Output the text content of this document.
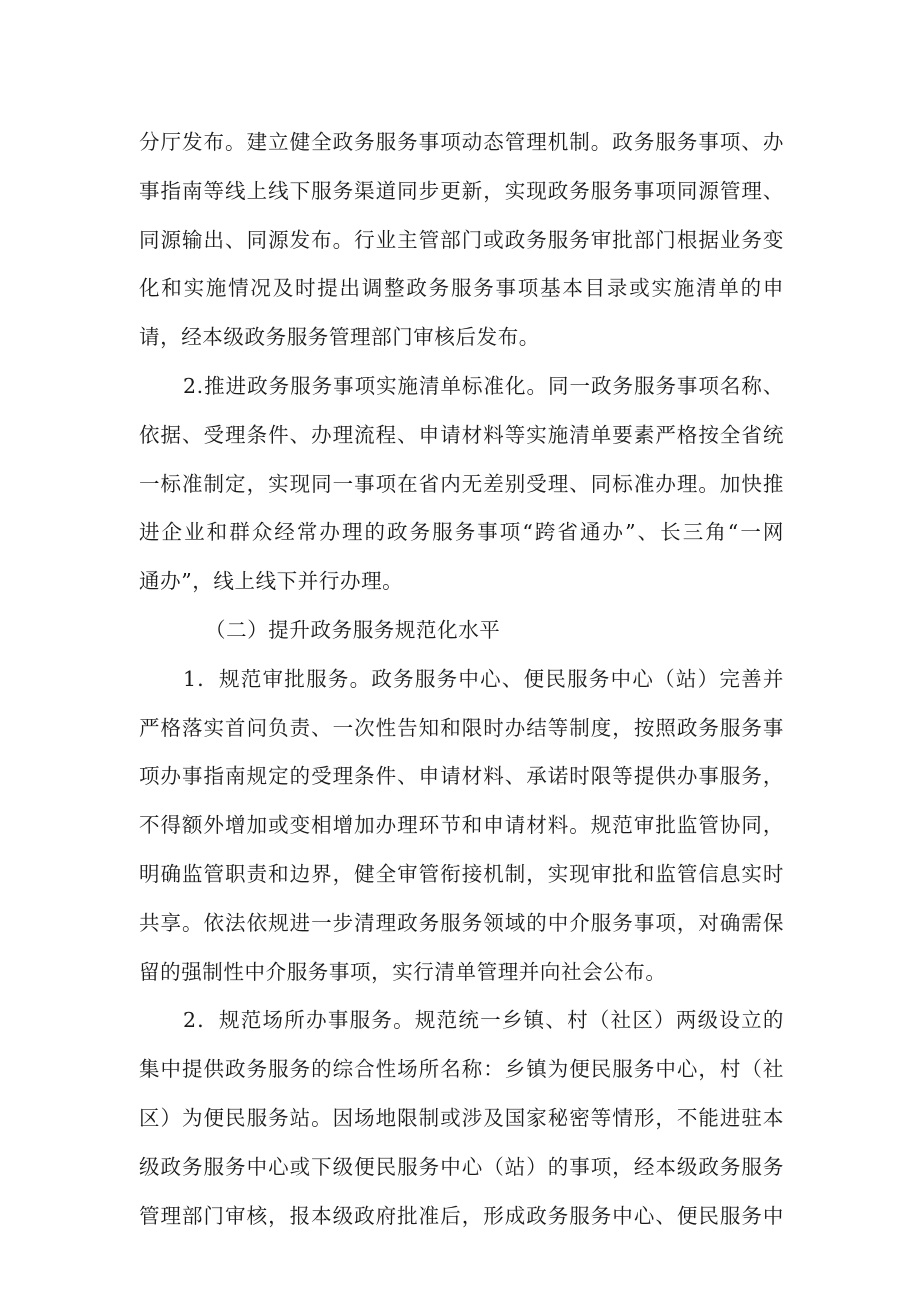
分厅发布。建立健全政务服务事项动态管理机制。政务服务事项、办
事指南等线上线下服务渠道同步更新，实现政务服务事项同源管理、
同源输出、同源发布。行业主管部门或政务服务审批部门根据业务变
化和实施情况及时提出调整政务服务事项基本目录或实施清单的申
请，经本级政务服务管理部门审核后发布。

2.推进政务服务事项实施清单标准化。同一政务服务事项名称、
依据、受理条件、办理流程、申请材料等实施清单要素严格按全省统
一标准制定，实现同一事项在省内无差别受理、同标准办理。加快推
进企业和群众经常办理的政务服务事项“跨省通办”、长三角“一网
通办”，线上线下并行办理。

（二）提升政务服务规范化水平

1．规范审批服务。政务服务中心、便民服务中心（站）完善并
严格落实首问负责、一次性告知和限时办结等制度，按照政务服务事
项办事指南规定的受理条件、申请材料、承诺时限等提供办事服务，
不得额外增加或变相增加办理环节和申请材料。规范审批监管协同，
明确监管职责和边界，健全审管衔接机制，实现审批和监管信息实时
共享。依法依规进一步清理政务服务领域的中介服务事项，对确需保
留的强制性中介服务事项，实行清单管理并向社会公布。

2．规范场所办事服务。规范统一乡镇、村（社区）两级设立的
集中提供政务服务的综合性场所名称：乡镇为便民服务中心，村（社
区）为便民服务站。因场地限制或涉及国家秘密等情形，不能进驻本
级政务服务中心或下级便民服务中心（站）的事项，经本级政务服务
管理部门审核，报本级政府批准后，形成政务服务中心、便民服务中
